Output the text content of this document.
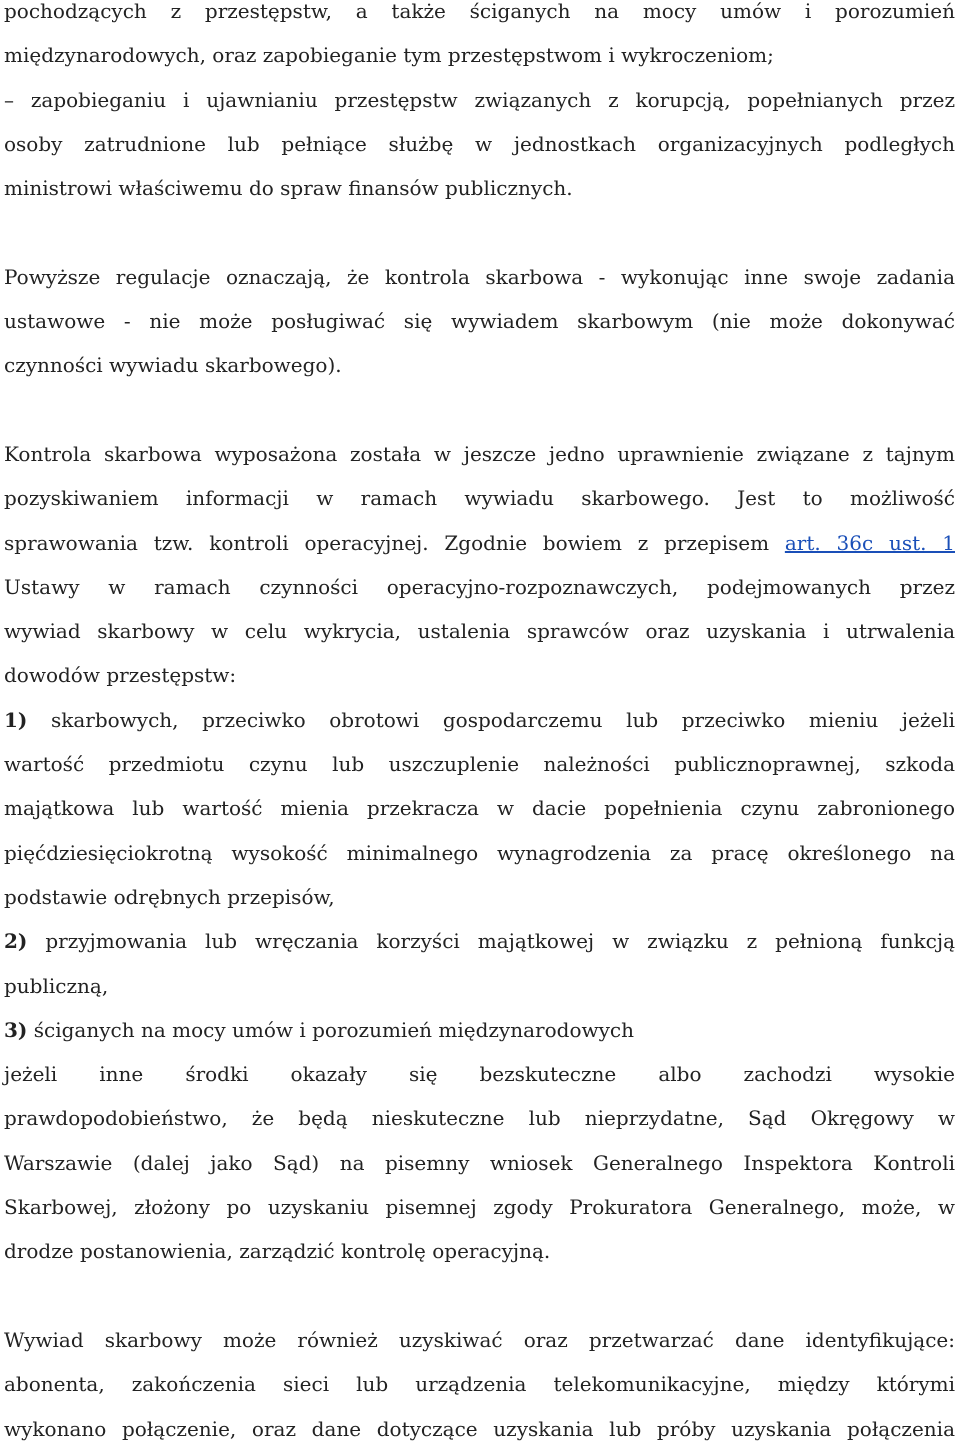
pochodzących z przestępstw, a także ściganych na mocy umów i porozumień
międzynarodowych, oraz zapobieganie tym przestępstwom i wykroczeniom;
– zapobieganiu i ujawnianiu przestępstw związanych z korupcją, popełnianych przez
osoby zatrudnione lub pełniące służbę w jednostkach organizacyjnych podległych
ministrowi właściwemu do spraw finansów publicznych.
Powyższe regulacje oznaczają, że kontrola skarbowa - wykonując inne swoje zadania
ustawowe - nie może posługiwać się wywiadem skarbowym (nie może dokonywać
czynności wywiadu skarbowego).
Kontrola skarbowa wyposażona została w jeszcze jedno uprawnienie związane z tajnym
pozyskiwaniem informacji w ramach wywiadu skarbowego. Jest to możliwość
sprawowania tzw. kontroli operacyjnej. Zgodnie bowiem z przepisem art. 36c ust. 1
Ustawy w ramach czynności operacyjno-rozpoznawczych, podejmowanych przez
wywiad skarbowy w celu wykrycia, ustalenia sprawców oraz uzyskania i utrwalenia
dowodów przestępstw:
1) skarbowych, przeciwko obrotowi gospodarczemu lub przeciwko mieniu jeżeli
wartość przedmiotu czynu lub uszczuplenie należności publicznoprawnej, szkoda
majątkowa lub wartość mienia przekracza w dacie popełnienia czynu zabronionego
pięćdziesięciokrotną wysokość minimalnego wynagrodzenia za pracę określonego na
podstawie odrębnych przepisów,
2) przyjmowania lub wręczania korzyści majątkowej w związku z pełnioną funkcją
publiczną,
3) ściganych na mocy umów i porozumień międzynarodowych
jeżeli inne środki okazały się bezskuteczne albo zachodzi wysokie
prawdopodobieństwo, że będą nieskuteczne lub nieprzydatne, Sąd Okręgowy w
Warszawie (dalej jako Sąd) na pisemny wniosek Generalnego Inspektora Kontroli
Skarbowej, złożony po uzyskaniu pisemnej zgody Prokuratora Generalnego, może, w
drodze postanowienia, zarządzić kontrolę operacyjną.
Wywiad skarbowy może również uzyskiwać oraz przetwarzać dane identyfikujące:
abonenta, zakończenia sieci lub urządzenia telekomunikacyjne, między którymi
wykonano połączenie, oraz dane dotyczące uzyskania lub próby uzyskania połączenia
